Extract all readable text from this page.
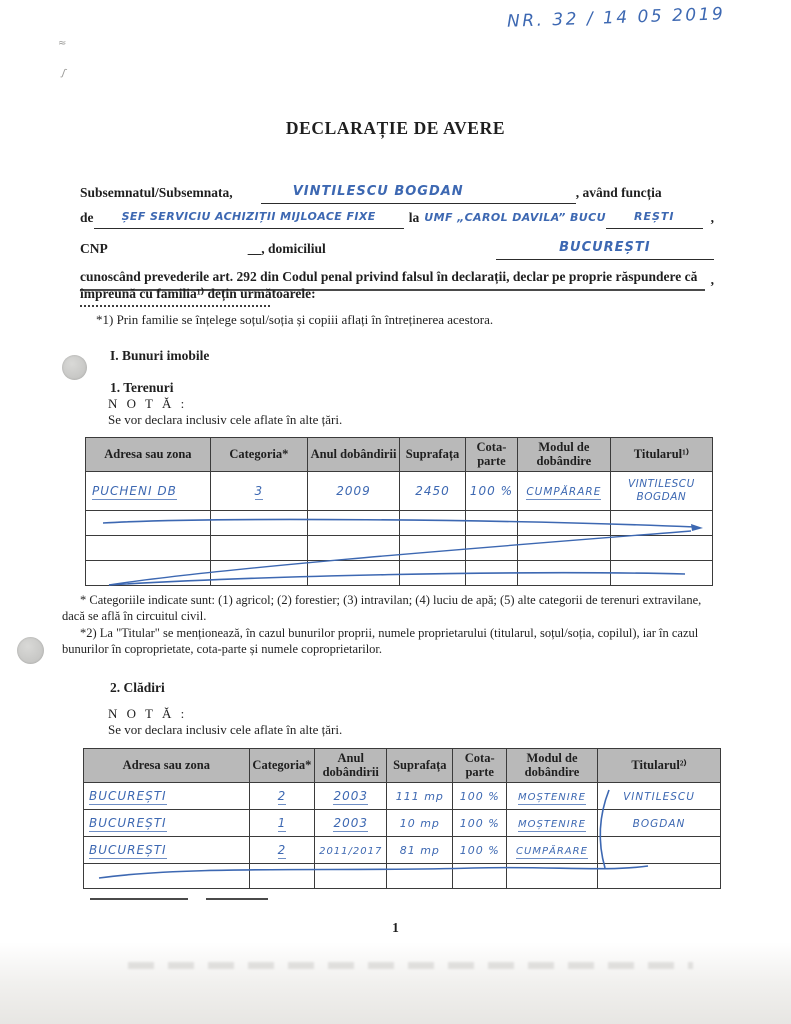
≈
ʃ
NR. 32 / 14 05 2019
DECLARAȚIE DE AVERE
Subsemnatul/Subsemnata,	VINTILESCU BOGDAN	, având funcția
de	ȘEF SERVICIU ACHIZIȚII MIJLOACE FIXE	la UMF „CAROL DAVILA” BUCU	REȘTI	,
CNP	__ , domiciliul	BUCUREȘTI
,
cunoscând prevederile art. 292 din Codul penal privind falsul în declarații, declar pe proprie răspundere că împreună cu familia¹⁾ dețin următoarele:
*1) Prin familie se înțelege soțul/soția și copiii aflați în întreținerea acestora.
I. Bunuri imobile
1. Terenuri
N O T Ă :
Se vor declara inclusiv cele aflate în alte țări.
Adresa sau zona	Categoria*	Anul dobândirii	Suprafața	Cota-parte	Modul de dobândire	Titularul¹⁾
PUCHENI DB	3	2009	2450	100 %	CUMPĂRARE	VINTILESCU BOGDAN

* Categoriile indicate sunt: (1) agricol; (2) forestier; (3) intravilan; (4) luciu de apă; (5) alte categorii de terenuri extravilane, dacă se află în circuitul civil.

*2) La "Titular" se menționează, în cazul bunurilor proprii, numele proprietarului (titularul, soțul/soția, copilul), iar în cazul bunurilor în coproprietate, cota-parte și numele coproprietarilor.

2. Clădiri
N O T Ă :
Se vor declara inclusiv cele aflate în alte țări.
Adresa sau zona	Categoria*	Anul dobândirii	Suprafața	Cota-parte	Modul de dobândire	Titularul²⁾
BUCUREȘTI	2	2003	111 mp	100 %	MOȘTENIRE	VINTILESCU
BUCUREȘTI	1	2003	10 mp	100 %	MOȘTENIRE	BOGDAN
BUCUREȘTI	2	2011/2017	81 mp	100 %	CUMPĂRARE	

1
